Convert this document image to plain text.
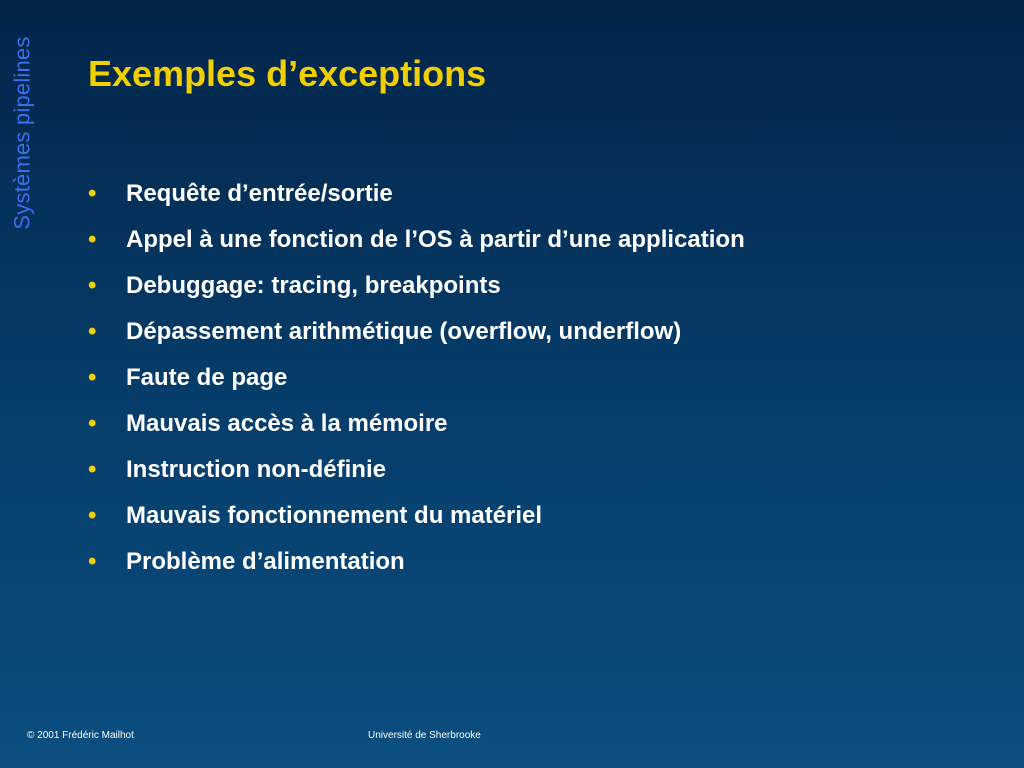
Systèmes pipelines Exemples d’exceptions
•	Requête d’entrée/sortie
•	Appel à une fonction de l’OS à partir d’une application
•	Debuggage: tracing, breakpoints
•	Dépassement arithmétique (overflow, underflow)
•	Faute de page
•	Mauvais accès à la mémoire
•	Instruction non-définie
•	Mauvais fonctionnement du matériel
•	Problème d’alimentation
© 2001 Frédéric Mailhot	Université de Sherbrooke
